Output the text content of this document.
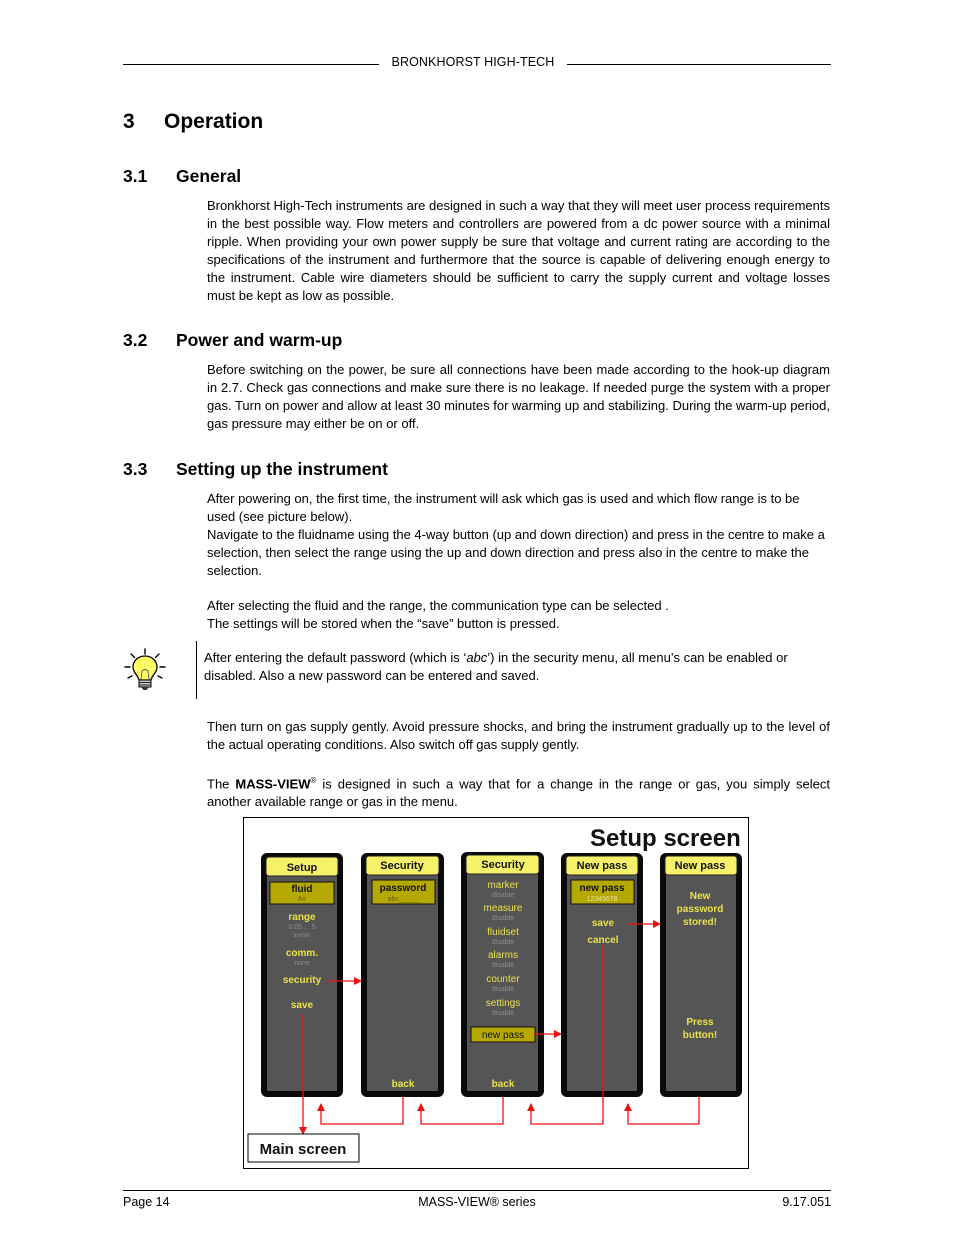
BRONKHORST HIGH-TECH
3 Operation
3.1 General
Bronkhorst High-Tech instruments are designed in such a way that they will meet user process requirements in the best possible way. Flow meters and controllers are powered from a dc power source with a minimal ripple. When providing your own power supply be sure that voltage and current rating are according to the specifications of the instrument and furthermore that the source is capable of delivering enough energy to the instrument. Cable wire diameters should be sufficient to carry the supply current and voltage losses must be kept as low as possible.
3.2 Power and warm-up
Before switching on the power, be sure all connections have been made according to the hook-up diagram in 2.7. Check gas connections and make sure there is no leakage. If needed purge the system with a proper gas. Turn on power and allow at least 30 minutes for warming up and stabilizing. During the warm-up period, gas pressure may either be on or off.
3.3 Setting up the instrument

After powering on, the first time, the instrument will ask which gas is used and which flow range is to be used (see picture below).

Navigate to the fluidname using the 4-way button (up and down direction) and press in the centre to make a selection, then select the range using the up and down direction and press also in the centre to make the selection.

After selecting the fluid and the range, the communication type can be selected .

The settings will be stored when the “save” button is pressed.

After entering the default password (which is ‘abc’) in the security menu, all menu’s can be enabled or disabled. Also a new password can be entered and saved.
Then turn on gas supply gently. Avoid pressure shocks, and bring the instrument gradually up to the level of the actual operating conditions. Also switch off gas supply gently.
The MASS-VIEW® is designed in such a way that for a change in the range or gas, you simply select another available range or gas in the menu.
Setup screen
Setup
fluid
Air
range
0.05 ... 5
ln/min
comm.
none
security
save
Security
password
abc_____
back
Security
marker
disable
measure
disable
fluidset
disable
alarms
disable
counter
disable
settings
disable
new pass
back
New pass
new pass
12345678
save
cancel
New pass
New
password
stored!
Press
button!
Main screen
Page 14	MASS-VIEW® series	9.17.051
